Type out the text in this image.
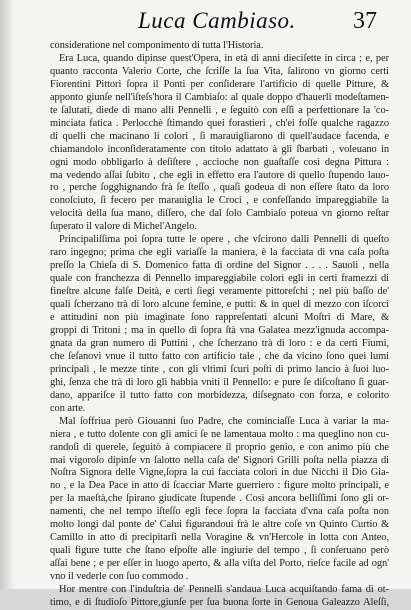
Luca Cambiaso. 37
consideratione nel componimento di tutta l'Historia.
Era Luca, quando dipinse quest'Opera, in età di anni dieciſette in circa ; e, per
quanto racconta Valerio Corte, che ſcriſſe la ſua Vita, ſalirono vn giorno certi
Fiorentini Pittori ſopra il Ponti per conſiderare l'artificio di quelle Pitture, &
apponto giunſe nell'iſteſs'hora il Cambiaſo: al quale doppo d'hauerli modeſtamen-
te ſalutati, diede di mano alli Pennelli , e ſeguitò con eſſi a perfettionare la 'co-
minciata fatica . Perlocchè ſtimando quei forastieri , ch'ei foſſe qualche ragazzo
di quelli che macinano li colori , ſi marauigliarono di quell'audace facenda, e
chiamandolo inconſideratamente con titolo adattato à gli ſbarbati , voleuano in
ogni modo obbligarlo à deſiſtere , accioche non guaſtaſſe così degna Pittura :
ma vedendo aſſai ſubito , che egli in effetto era l'autore di quello ſtupendo lauo-
ro , perche ſogghignando frà ſe ſteſſo , quaſi godeua di non eſſere ſtato da loro
conoſciuto, ſi fecero per marauiglia le Croci , e confeſſando impareggiabile la
velocità della ſua mano, diſſero, che dal ſolo Cambiaſo poteua vn giorno reſtar
ſuperato il valore di Michel'Angelo.
Principaliſſima poi ſopra tutte le opere , che vſcirono dalli Pennelli di queſto
raro ingegno; prima che egli variaſſe la maniera, è la facciata di vna caſa poſta
preſſo la Chieſa di S. Domenico fatta di ordine del Signor . . . . Sauoli , nella
quale con franchezza di Pennello impareggiabile colorì egli in certi framezzi di
fineſtre alcune falſe Deità, e certi ſiegi veramente pittoreſchi ; nel più baſſo de'
quali ſcherzano trà di loro alcune femine, e putti: & in quel di mezzo con iſcorci
e attitudini non più imaginate ſono rappreſentati alcuni Moſtri di Mare, &
groppi di Tritoni ; ma in quello di ſopra ſtà vna Galatea mezz'ignuda accompa-
gnata da gran numero di Puttini , che ſcherzano trà di loro : e da certi Fiumi,
che ſeſanovi vnue il tutto fatto con artificio tale , che da vicino ſono quei lumi
principali , le mezze tinte , con gli vltimi ſcuri poſti di primo lancio à ſuoi luo-
ghi, ſenza che trà di loro gli habbia vniti il Pennello: e pure ſe diſcoſtano ſi guar-
dano, appariſce il tutto fatto con morbidezza, diſsegnato con forza, e colorito
con arte.
Mal ſoffriua però Giouanni ſuo Padre, che cominciaſſe Luca à variar la ma-
niera , e tutto dolente con gli amici ſe ne lamentaua molto : ma queglino non cu-
randoſi di querele, ſeguitò à compiacere il proprio genio, e con animo più che
mai vigoroſo dipinſe vn ſalotto nella caſa de' Signori Grilli poſta nella piazza di
Noſtra Signora delle Vigne,ſopra la cui facciata colorì in due Nicchi il Dio Gia-
no , e la Dea Pace in atto di ſcacciar Marte guerriero : figure molto principali, e
per la maeſtà,che ſpirano giudicate ſtupende . Così ancora belliſſimi ſono gli or-
namenti, che nel tempo iſteſſo egli fece ſopra la facciata d'vna caſa poſta non
molto longi dal ponte de' Calui figurandoui frà le altre coſe vn Quinto Curtio &
Camillo in atto di precipitarſi nella Voragine & vn'Hercole in lotta con Anteo,
quali figure tutte che ſtano eſpoſte alle ingiurie del tempo , ſi conſeruano però
aſſai bene ; e per eſſer in luogo aperto, & alla viſta del Porto, rieſce facile ad ogn'
vno il vederle con ſuo commodo .
Hor mentre con l'induſtria de' Pennelli s'andaua Luca acquiſtando fama di ot-
timo, e di ſtudioſo Pittore,giunſe per ſua buona ſorte in Genoua Galeazzo Aleſſi,
